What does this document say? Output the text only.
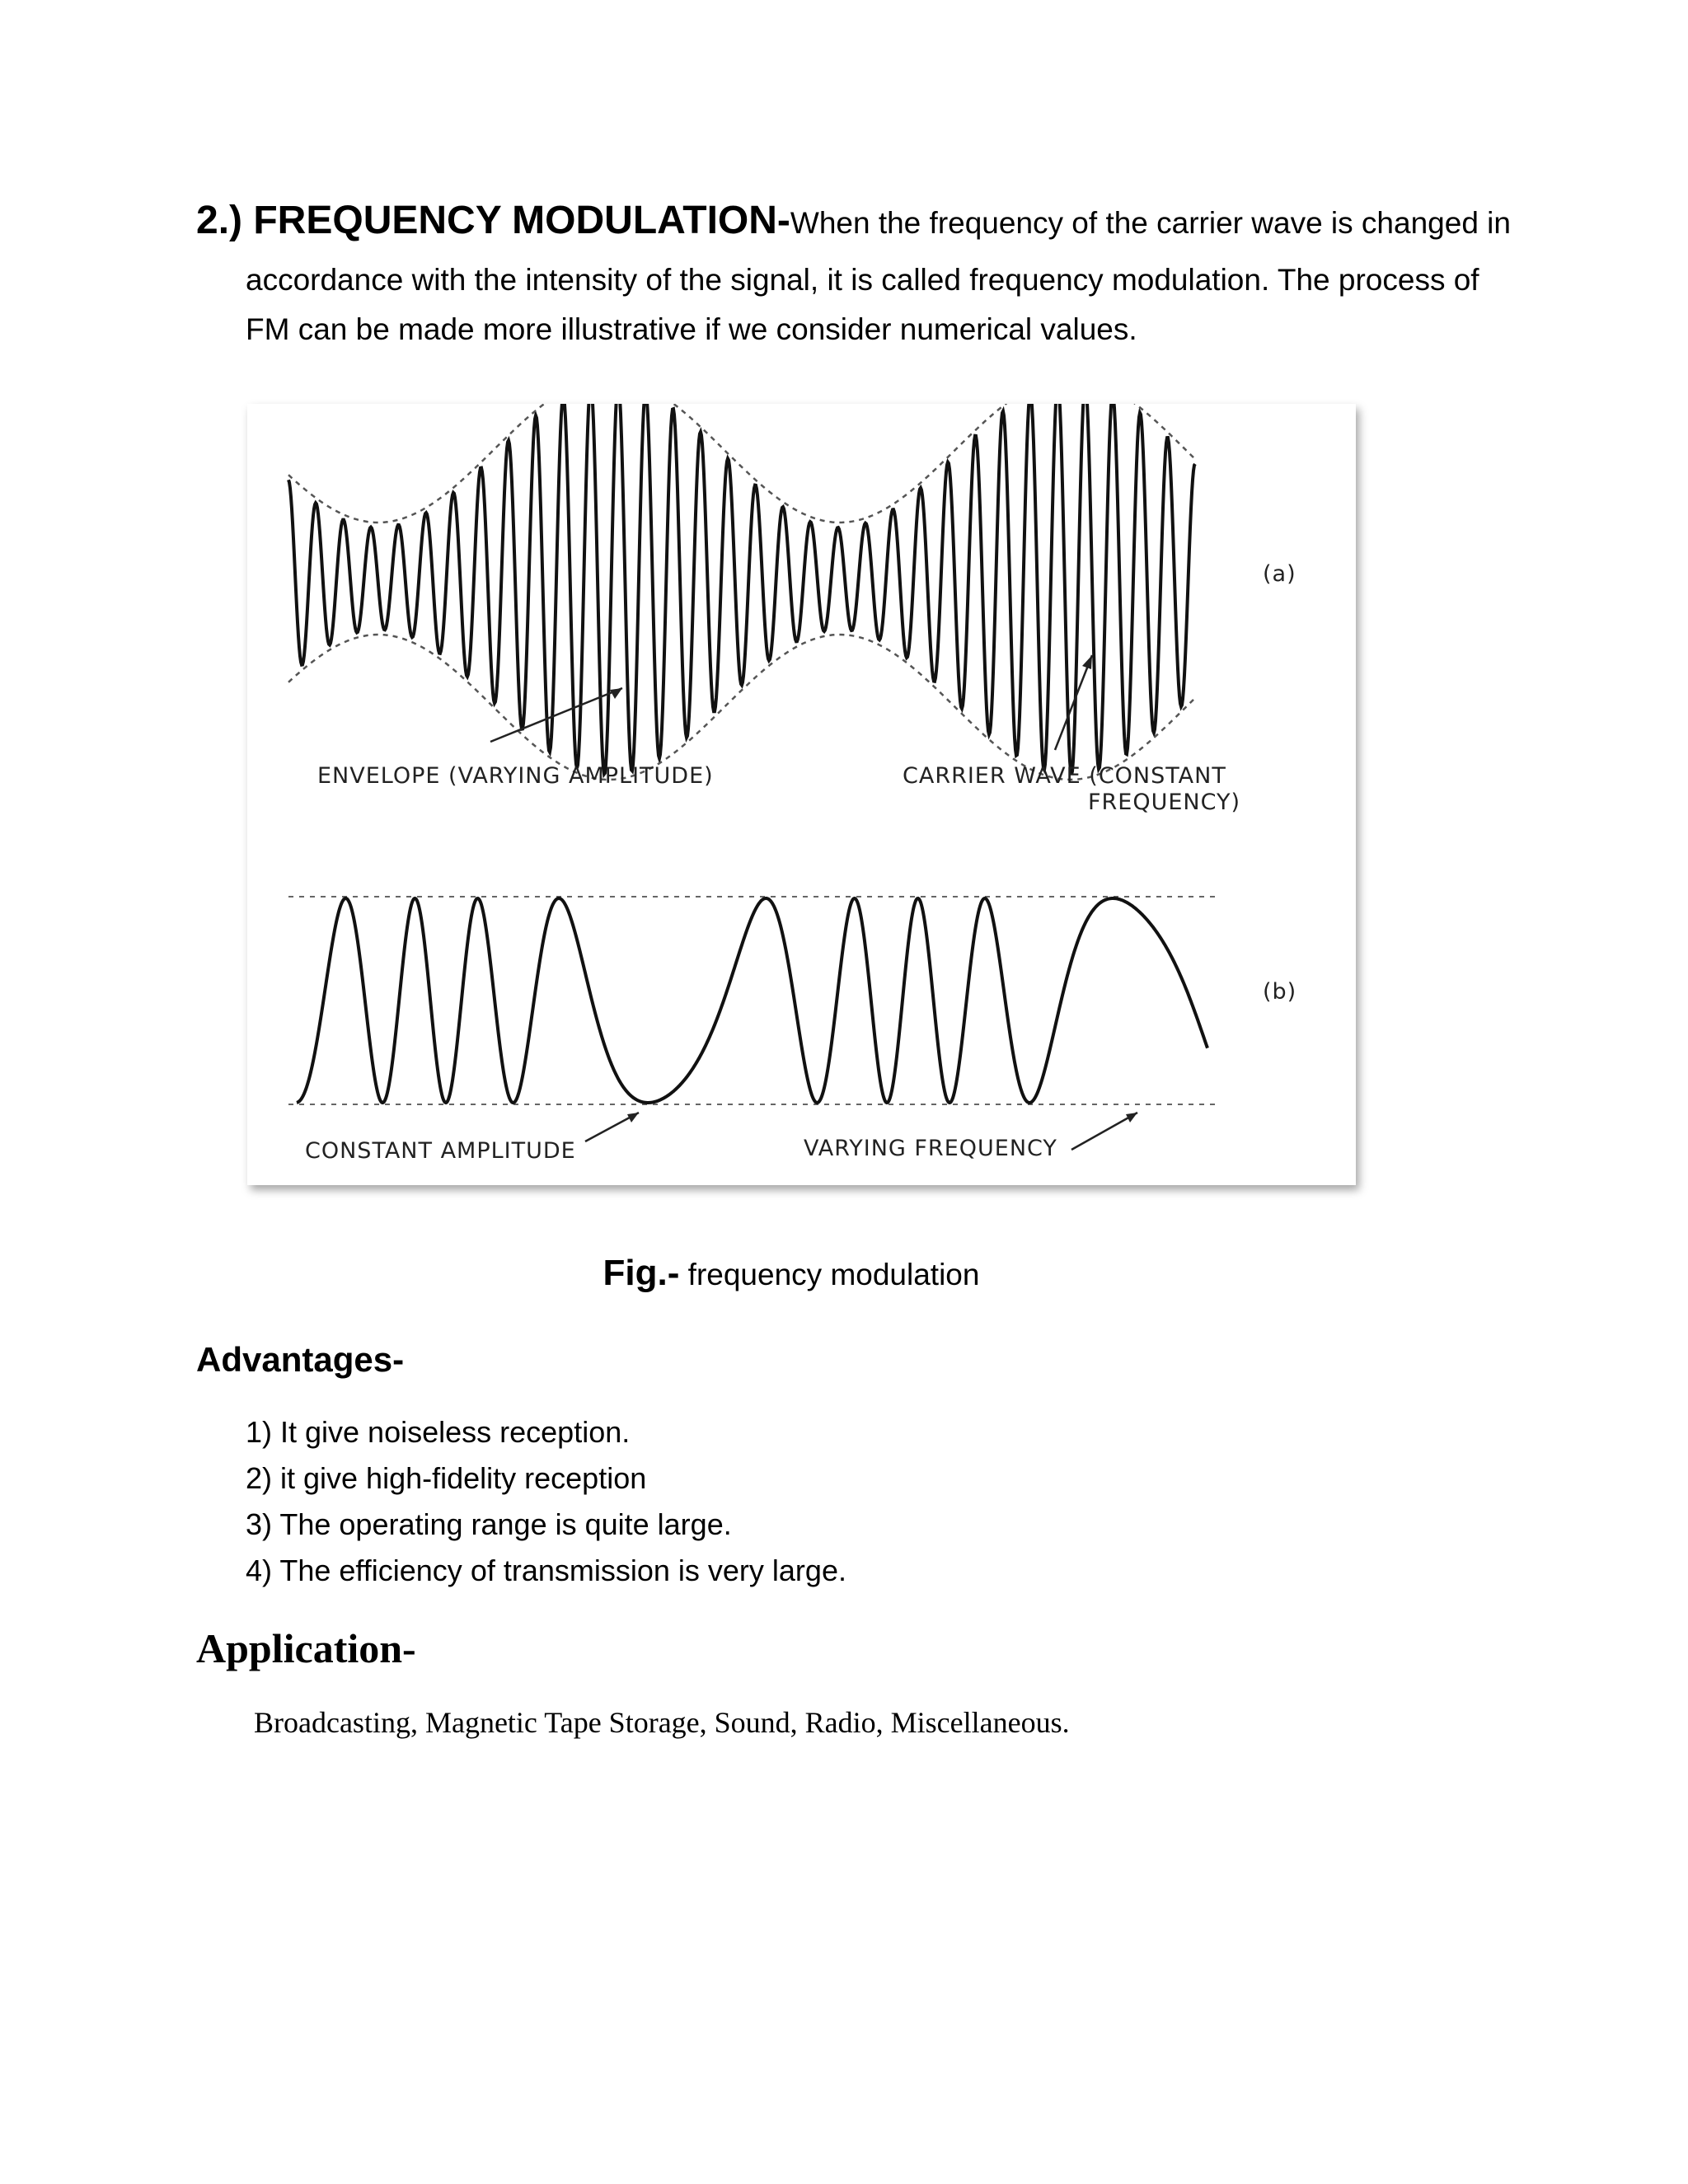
2.) FREQUENCY MODULATION-When the frequency of the carrier wave is changed in
accordance with the intensity of the signal, it is called frequency modulation. The process of
FM can be made more illustrative if we consider numerical values.
(a)
ENVELOPE (VARYING AMPLITUDE)	CARRIER WAVE (CONSTANT
FREQUENCY)
(b)
CONSTANT AMPLITUDE	VARYING FREQUENCY
Fig.- frequency modulation
Advantages-
1) It give noiseless reception.
2) it give high-fidelity reception
3) The operating range is quite large.
4) The efficiency of transmission is very large.
Application-
Broadcasting, Magnetic Tape Storage, Sound, Radio, Miscellaneous.
